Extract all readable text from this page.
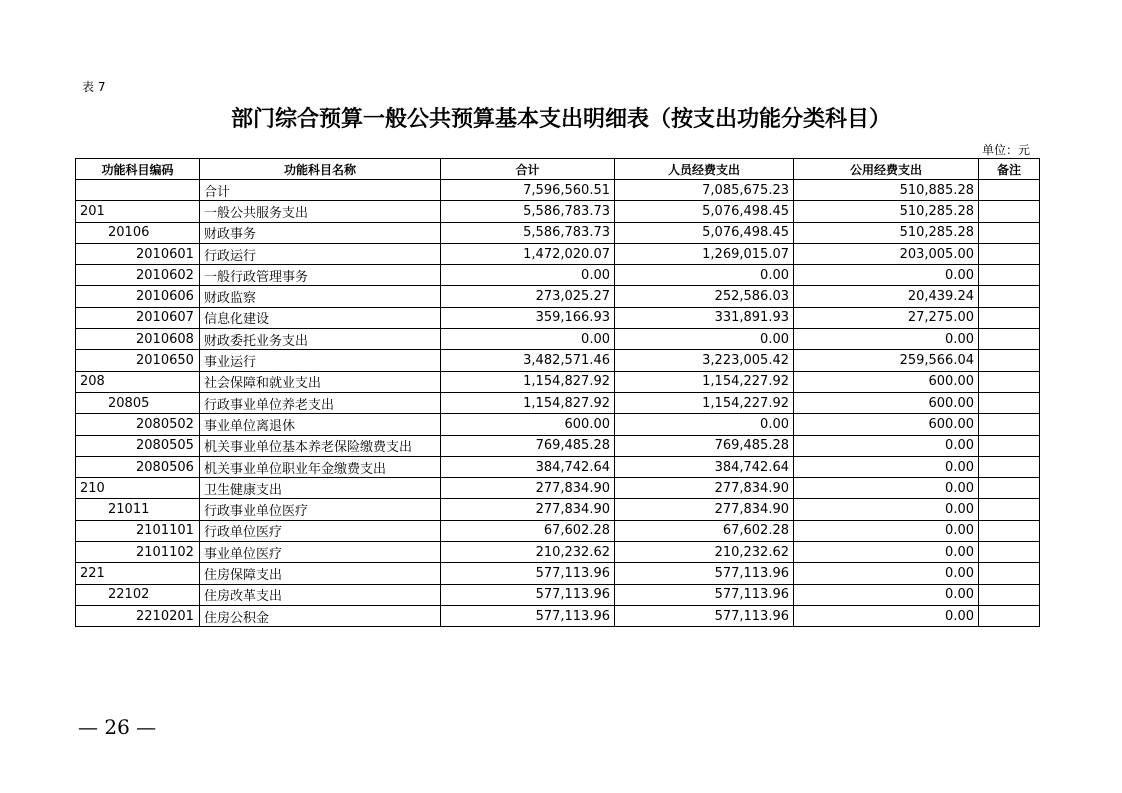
表 7
部门综合预算一般公共预算基本支出明细表（按支出功能分类科目）
单位：元
功能科目编码	功能科目名称	合计	人员经费支出	公用经费支出	备注
	合计	7,596,560.51	7,085,675.23	510,885.28	
201	一般公共服务支出	5,586,783.73	5,076,498.45	510,285.28	
20106	财政事务	5,586,783.73	5,076,498.45	510,285.28	
2010601	行政运行	1,472,020.07	1,269,015.07	203,005.00	
2010602	一般行政管理事务	0.00	0.00	0.00	
2010606	财政监察	273,025.27	252,586.03	20,439.24	
2010607	信息化建设	359,166.93	331,891.93	27,275.00	
2010608	财政委托业务支出	0.00	0.00	0.00	
2010650	事业运行	3,482,571.46	3,223,005.42	259,566.04	
208	社会保障和就业支出	1,154,827.92	1,154,227.92	600.00	
20805	行政事业单位养老支出	1,154,827.92	1,154,227.92	600.00	
2080502	事业单位离退休	600.00	0.00	600.00	
2080505	机关事业单位基本养老保险缴费支出	769,485.28	769,485.28	0.00	
2080506	机关事业单位职业年金缴费支出	384,742.64	384,742.64	0.00	
210	卫生健康支出	277,834.90	277,834.90	0.00	
21011	行政事业单位医疗	277,834.90	277,834.90	0.00	
2101101	行政单位医疗	67,602.28	67,602.28	0.00	
2101102	事业单位医疗	210,232.62	210,232.62	0.00	
221	住房保障支出	577,113.96	577,113.96	0.00	
22102	住房改革支出	577,113.96	577,113.96	0.00	
2210201	住房公积金	577,113.96	577,113.96	0.00	
— 26 —
